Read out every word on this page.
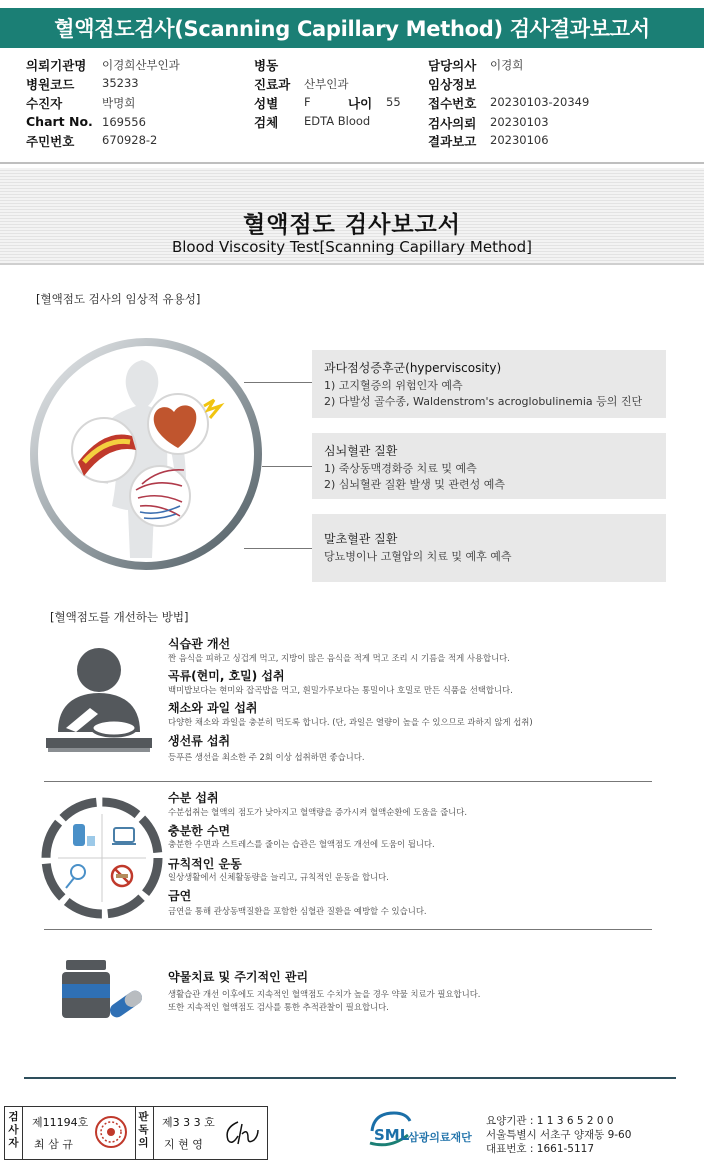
혈액점도검사(Scanning Capillary Method) 검사결과보고서
의뢰기관명 이경희산부인과
병원코드 35233
수진자	박명희
Chart No. 169556
주민번호 670928-2
병동
진료과 산부인과
성별 F	나이 55
검체 EDTA Blood
담당의사 이경희
임상정보
접수번호 20230103-20349
검사의뢰 20230103
결과보고 20230106
혈액점도 검사보고서
Blood Viscosity Test[Scanning Capillary Method]
[혈액점도 검사의 임상적 유용성]
과다점성증후군(hyperviscosity)
1) 고지혈증의 위험인자 예측
2) 다발성 골수종, Waldenstrom's acroglobulinemia 등의 진단
심뇌혈관 질환
1) 죽상동맥경화증 치료 및 예측
2) 심뇌혈관 질환 발생 및 관련성 예측
말초혈관 질환
당뇨병이나 고혈압의 치료 및 예후 예측
[혈액점도를 개선하는 방법]
식습관 개선
짠 음식을 피하고 싱겁게 먹고, 지방이 많은 음식을 적게 먹고 조리 시 기름을 적게 사용합니다.
곡류(현미, 호밀) 섭취
백미밥보다는 현미와 잡곡밥을 먹고, 흰밀가루보다는 통밀이나 호밀로 만든 식품을 선택합니다.
채소와 과일 섭취
다양한 채소와 과일을 충분히 먹도록 합니다. (단, 과일은 열량이 높을 수 있으므로 과하지 않게 섭취)
생선류 섭취
등푸른 생선을 최소한 주 2회 이상 섭취하면 좋습니다.
수분 섭취
수분섭취는 혈액의 점도가 낮아지고 혈액량을 증가시켜 혈액순환에 도움을 줍니다.
충분한 수면
충분한 수면과 스트레스를 줄이는 습관은 혈액점도 개선에 도움이 됩니다.
규칙적인 운동
일상생활에서 신체활동량을 늘리고, 규칙적인 운동을 합니다.
금연
금연을 통해 관상동맥질환을 포함한 심혈관 질환을 예방할 수 있습니다.
약물치료 및 주기적인 관리
생활습관 개선 이후에도 지속적인 혈액점도 수치가 높을 경우 약물 치료가 필요합니다.
또한 지속적인 혈액점도 검사를 통한 추적관찰이 필요합니다.
검사자
제11194호
최 삼 규
판독의
제3 3 3 호
지 현 영
SML
삼광의료재단
요양기관 : 1 1 3 6 5 2 0 0
서울특별시 서초구 양재동 9-60
대표번호 : 1661-5117
